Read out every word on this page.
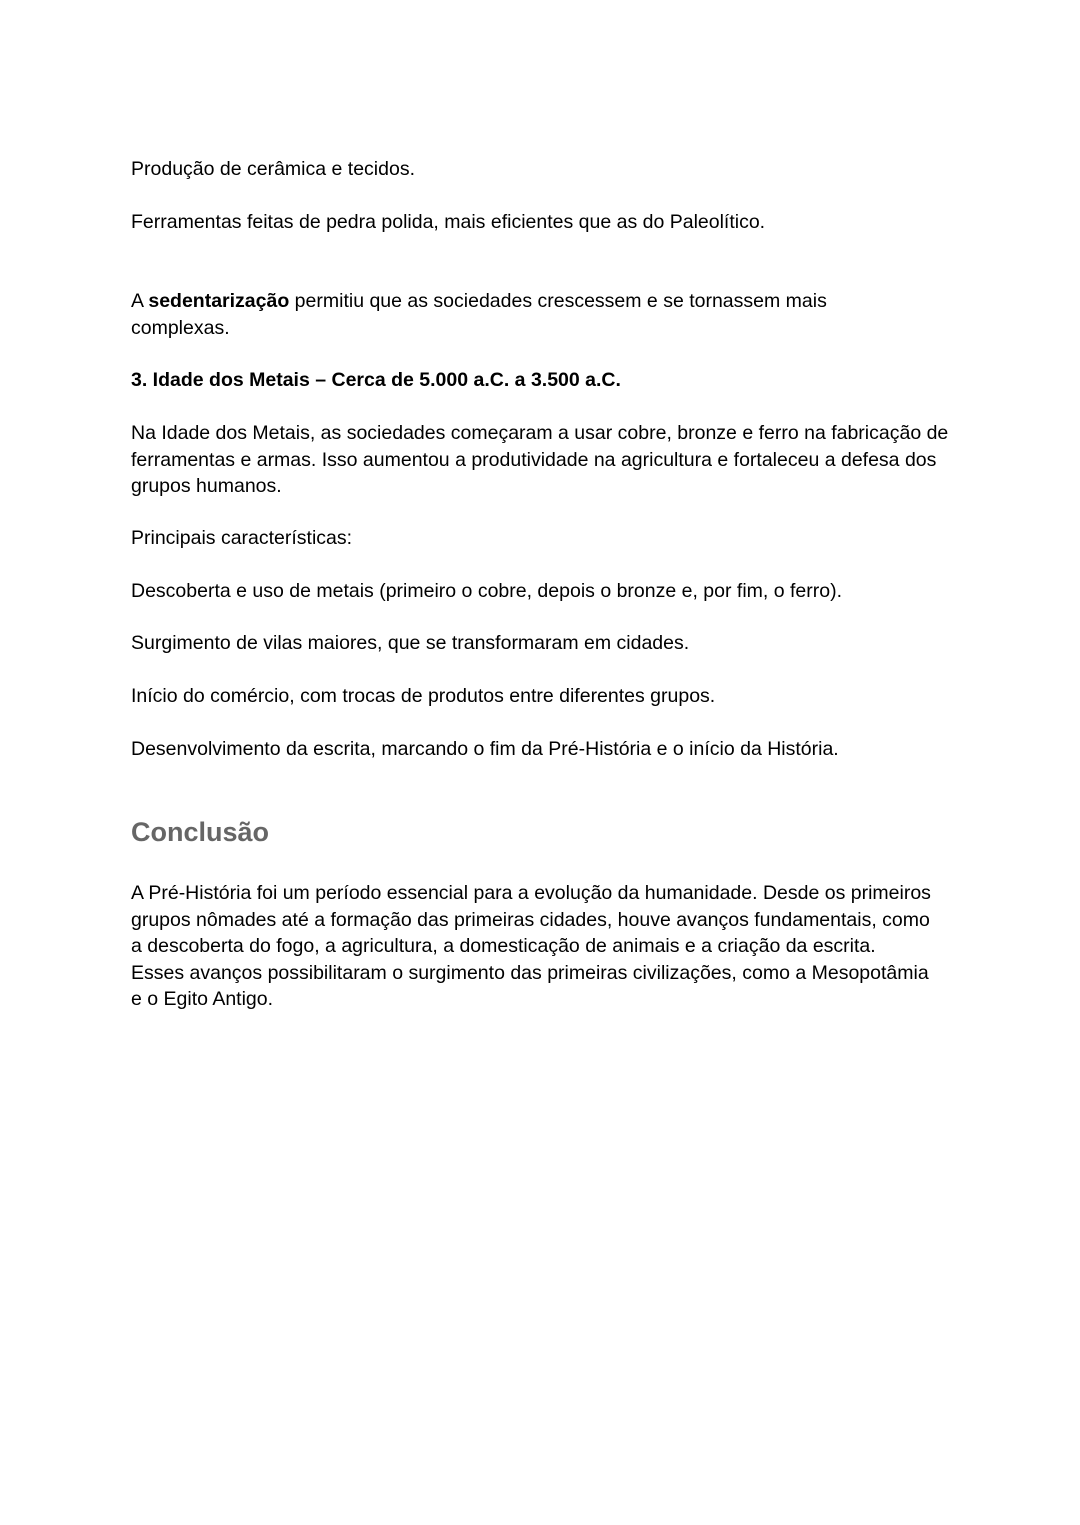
Produção de cerâmica e tecidos.

Ferramentas feitas de pedra polida, mais eficientes que as do Paleolítico.

A sedentarização permitiu que as sociedades crescessem e se tornassem mais complexas.

3. Idade dos Metais – Cerca de 5.000 a.C. a 3.500 a.C.

Na Idade dos Metais, as sociedades começaram a usar cobre, bronze e ferro na fabricação de ferramentas e armas. Isso aumentou a produtividade na agricultura e fortaleceu a defesa dos grupos humanos.

Principais características:

Descoberta e uso de metais (primeiro o cobre, depois o bronze e, por fim, o ferro).

Surgimento de vilas maiores, que se transformaram em cidades.

Início do comércio, com trocas de produtos entre diferentes grupos.

Desenvolvimento da escrita, marcando o fim da Pré-História e o início da História.

Conclusão

A Pré-História foi um período essencial para a evolução da humanidade. Desde os primeiros grupos nômades até a formação das primeiras cidades, houve avanços fundamentais, como a descoberta do fogo, a agricultura, a domesticação de animais e a criação da escrita. Esses avanços possibilitaram o surgimento das primeiras civilizações, como a Mesopotâmia e o Egito Antigo.
